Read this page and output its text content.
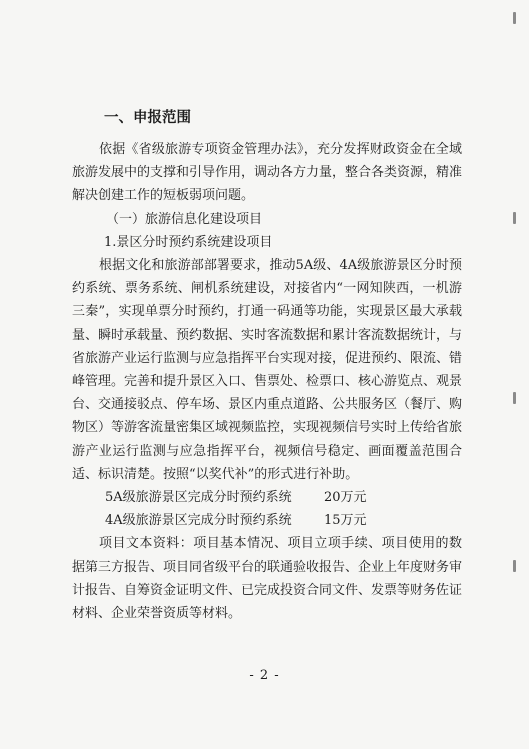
一、申报范围

依据《省级旅游专项资金管理办法》，充分发挥财政资金在全域旅游发展中的支撑和引导作用，调动各方力量，整合各类资源，精准解决创建工作的短板弱项问题。

（一）旅游信息化建设项目

1.景区分时预约系统建设项目

根据文化和旅游部部署要求，推动5A级、4A级旅游景区分时预约系统、票务系统、闸机系统建设，对接省内“一网知陕西，一机游三秦”，实现单票分时预约，打通一码通等功能，实现景区最大承载量、瞬时承载量、预约数据、实时客流数据和累计客流数据统计，与省旅游产业运行监测与应急指挥平台实现对接，促进预约、限流、错峰管理。完善和提升景区入口、售票处、检票口、核心游览点、观景台、交通接驳点、停车场、景区内重点道路、公共服务区（餐厅、购物区）等游客流量密集区域视频监控，实现视频信号实时上传给省旅游产业运行监测与应急指挥平台，视频信号稳定、画面覆盖范围合适、标识清楚。按照“以奖代补”的形式进行补助。

5A级旅游景区完成分时预约系统	20万元
4A级旅游景区完成分时预约系统	15万元

项目文本资料：项目基本情况、项目立项手续、项目使用的数据第三方报告、项目同省级平台的联通验收报告、企业上年度财务审计报告、自筹资金证明文件、已完成投资合同文件、发票等财务佐证材料、企业荣誉资质等材料。

- 2 -
